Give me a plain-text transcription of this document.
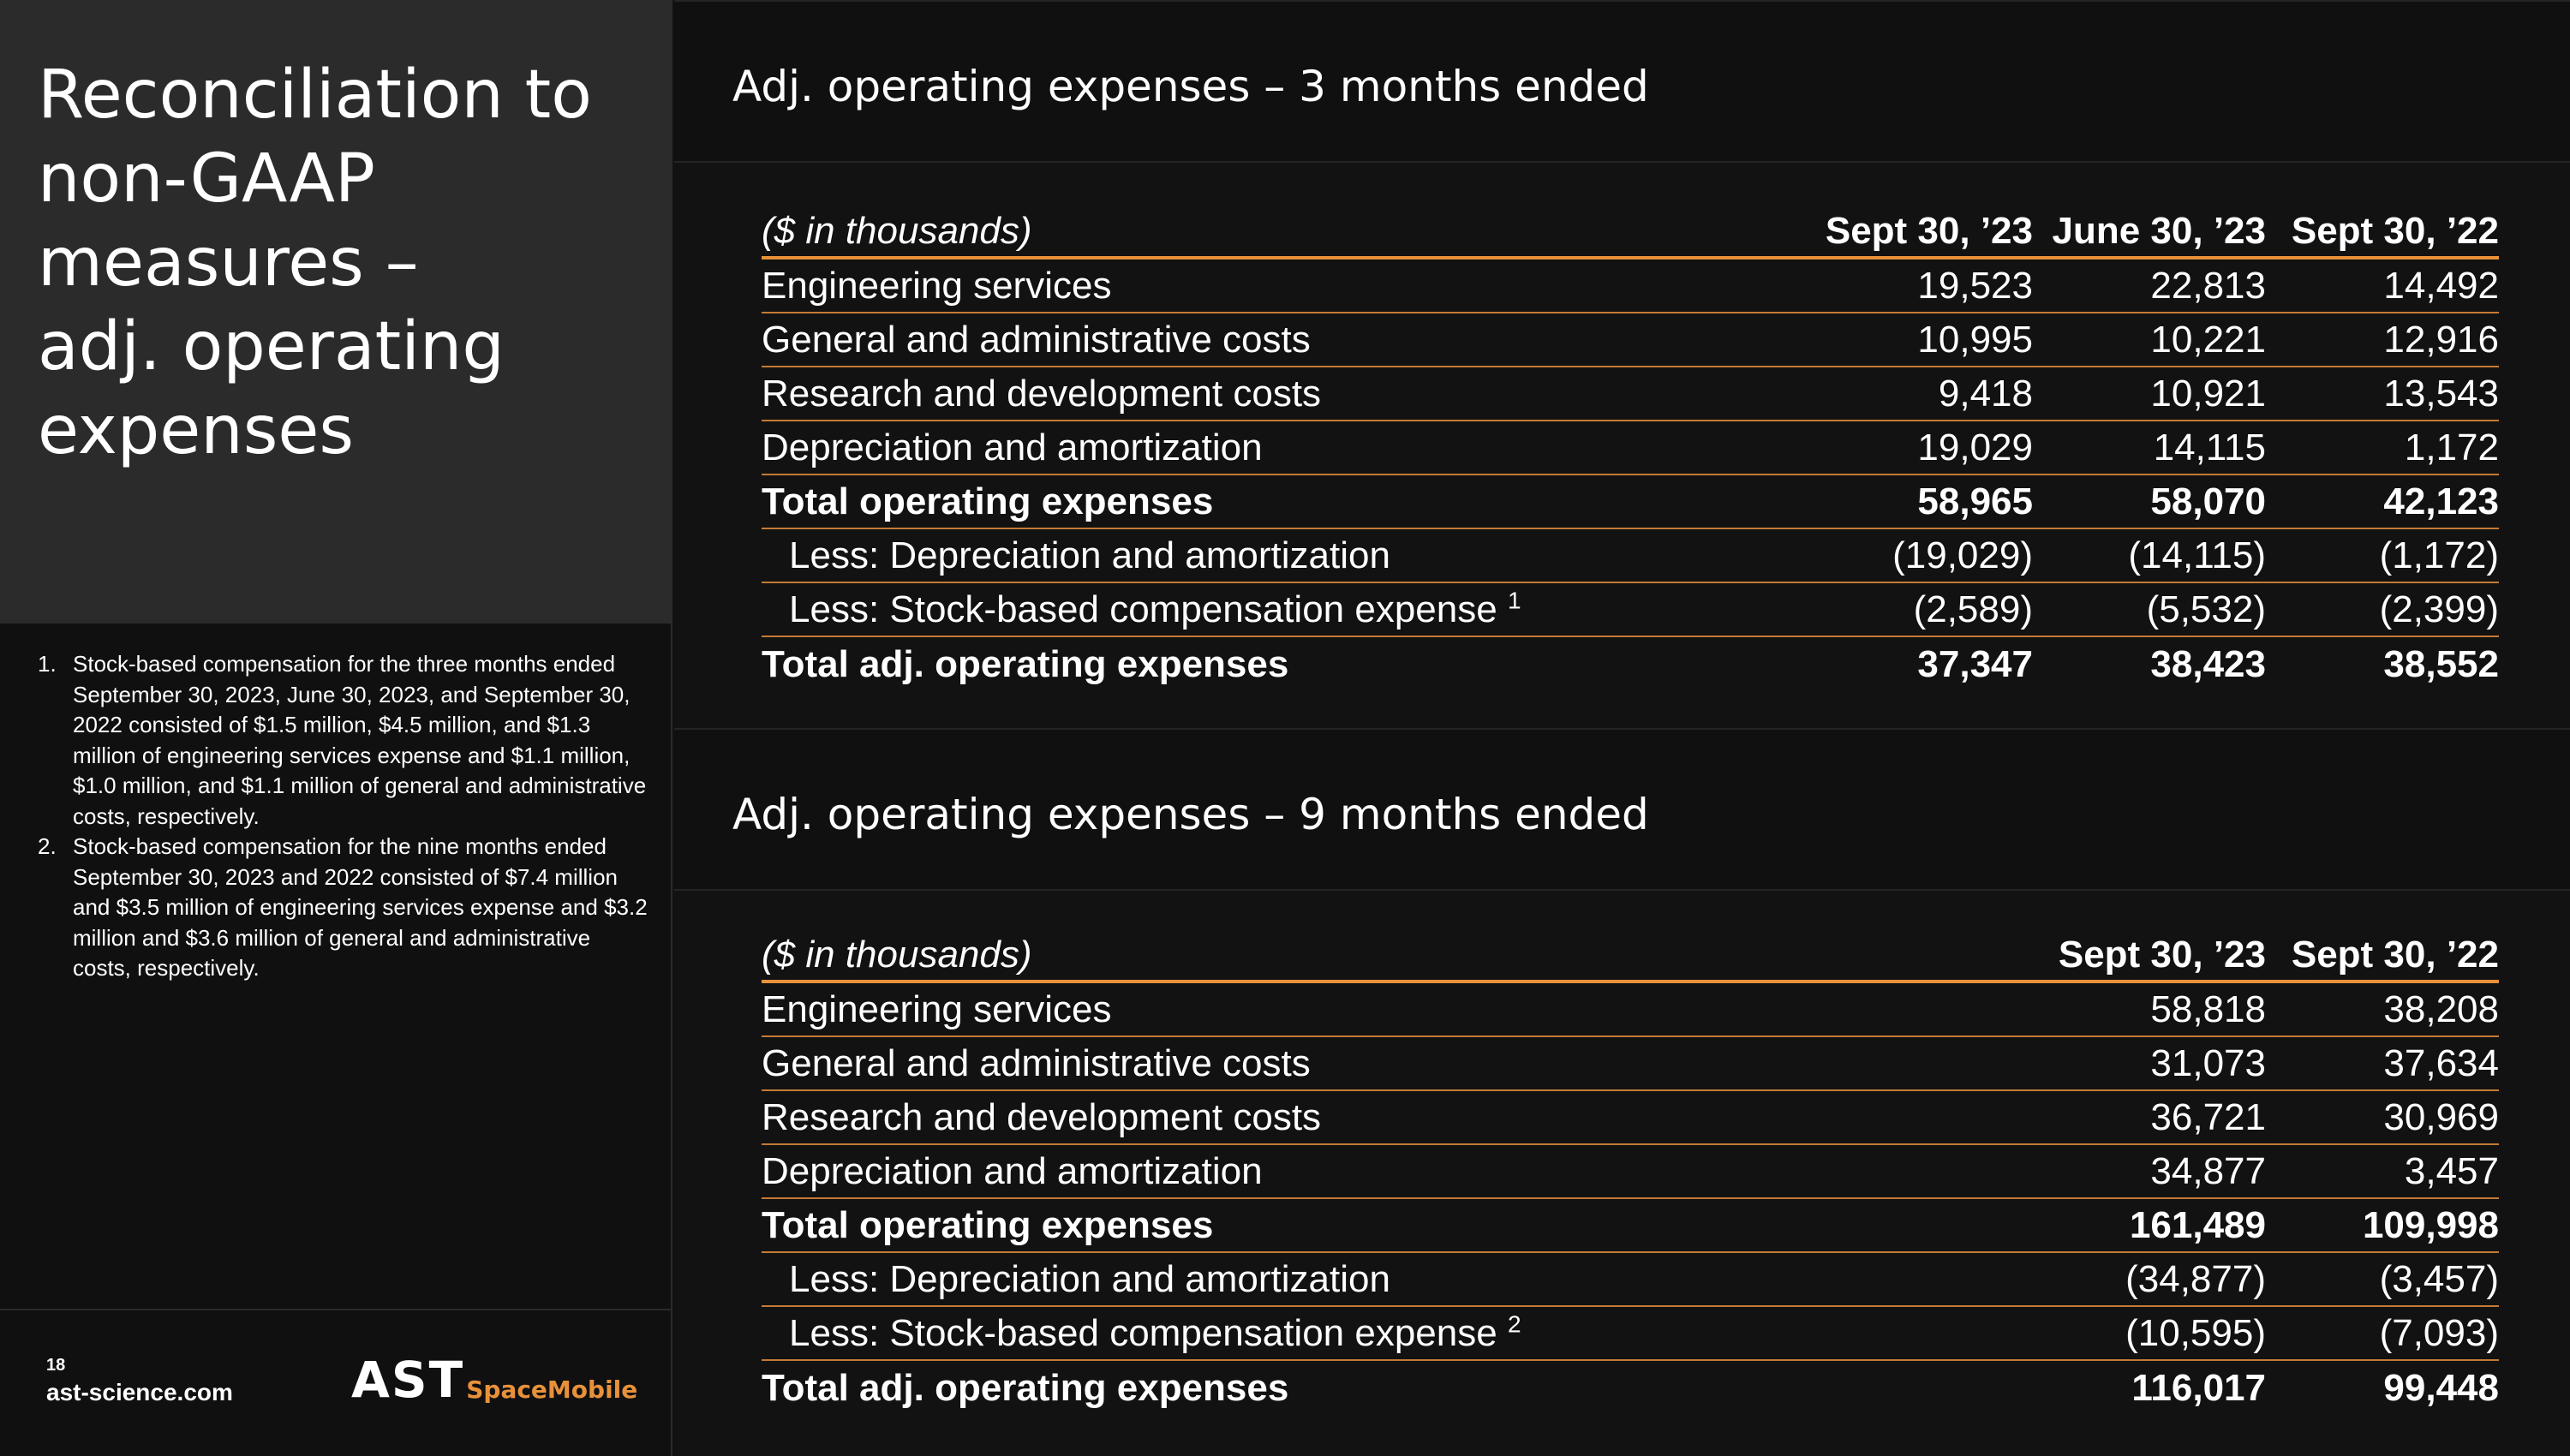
Reconciliation to
non-GAAP
measures –
adj. operating
expenses
1. Stock-based compensation for the three months ended September 30, 2023, June 30, 2023, and September 30, 2022 consisted of $1.5 million, $4.5 million, and $1.3 million of engineering services expense and $1.1 million, $1.0 million, and $1.1 million of general and administrative costs, respectively.
2. Stock-based compensation for the nine months ended September 30, 2023 and 2022 consisted of $7.4 million and $3.5 million of engineering services expense and $3.2 million and $3.6 million of general and administrative costs, respectively.
18
ast-science.com AST SpaceMobile
Adj. operating expenses – 3 months ended
($ in thousands)	Sept 30, ’23 June 30, ’23 Sept 30, ’22
Engineering services	19,523	22,813	14,492
General and administrative costs	10,995	10,221	12,916
Research and development costs	9,418	10,921	13,543
Depreciation and amortization	19,029	14,115	1,172
Total operating expenses	58,965	58,070	42,123
Less: Depreciation and amortization	(19,029)	(14,115)	(1,172)
Less: Stock-based compensation expense $^1$	(2,589)	(5,532)	(2,399)
Total adj. operating expenses	37,347	38,423	38,552
Adj. operating expenses – 9 months ended
($ in thousands)	Sept 30, ’23 Sept 30, ’22
Engineering services	58,818	38,208
General and administrative costs	31,073	37,634
Research and development costs	36,721	30,969
Depreciation and amortization	34,877	3,457
Total operating expenses	161,489	109,998
Less: Depreciation and amortization	(34,877)	(3,457)
Less: Stock-based compensation expense $^2$	(10,595)	(7,093)
Total adj. operating expenses	116,017	99,448
